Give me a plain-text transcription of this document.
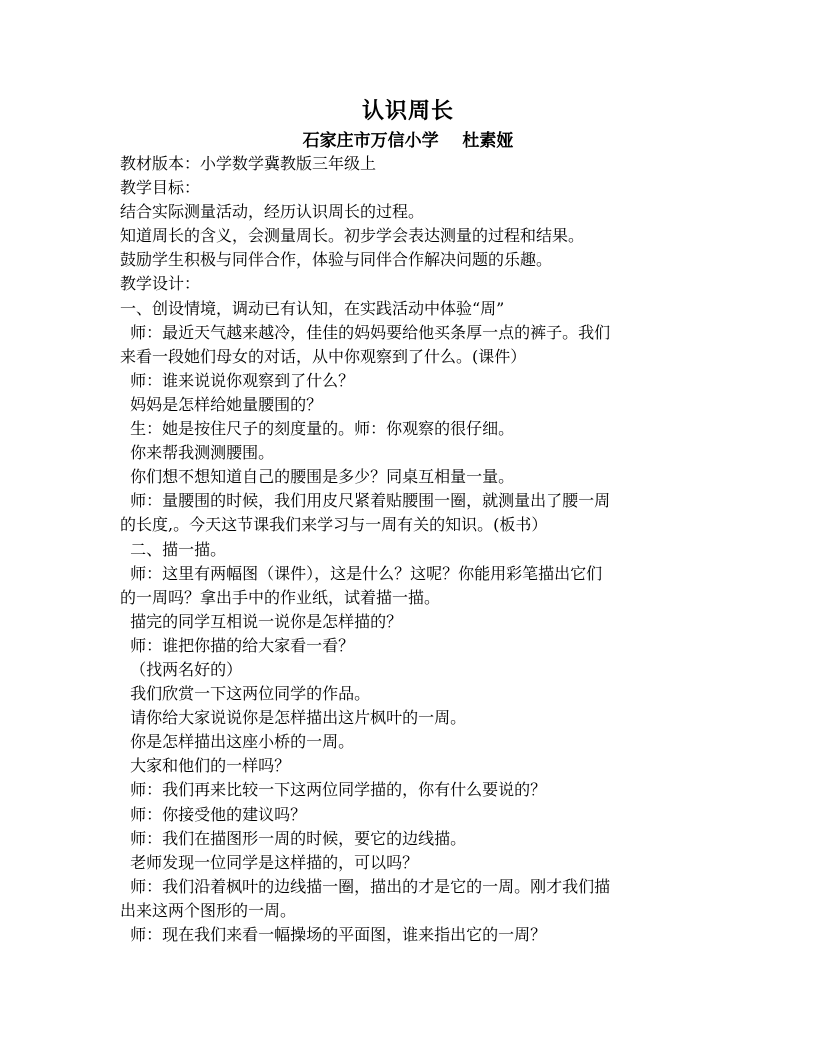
认识周长
石家庄市万信小学    杜素娅
教材版本：小学数学冀教版三年级上
教学目标：
结合实际测量活动，经历认识周长的过程。
知道周长的含义，会测量周长。初步学会表达测量的过程和结果。
鼓励学生积极与同伴合作，体验与同伴合作解决问题的乐趣。
教学设计：
一、创设情境，调动已有认知，在实践活动中体验“周”
师：最近天气越来越冷，佳佳的妈妈要给他买条厚一点的裤子。我们
来看一段她们母女的对话，从中你观察到了什么。(课件）
师：谁来说说你观察到了什么？
妈妈是怎样给她量腰围的？
生：她是按住尺子的刻度量的。师：你观察的很仔细。
你来帮我测测腰围。
你们想不想知道自己的腰围是多少？同桌互相量一量。
师：量腰围的时候，我们用皮尺紧着贴腰围一圈，就测量出了腰一周
的长度,。今天这节课我们来学习与一周有关的知识。(板书）
二、描一描。
师：这里有两幅图（课件），这是什么？这呢？你能用彩笔描出它们
的一周吗？拿出手中的作业纸，试着描一描。
描完的同学互相说一说你是怎样描的？
师：谁把你描的给大家看一看？
（找两名好的）
我们欣赏一下这两位同学的作品。
请你给大家说说你是怎样描出这片枫叶的一周。
你是怎样描出这座小桥的一周。
大家和他们的一样吗？
师：我们再来比较一下这两位同学描的，你有什么要说的？
师：你接受他的建议吗？
师：我们在描图形一周的时候，要它的边线描。
老师发现一位同学是这样描的，可以吗？
师：我们沿着枫叶的边线描一圈，描出的才是它的一周。刚才我们描
出来这两个图形的一周。
师：现在我们来看一幅操场的平面图，谁来指出它的一周？
